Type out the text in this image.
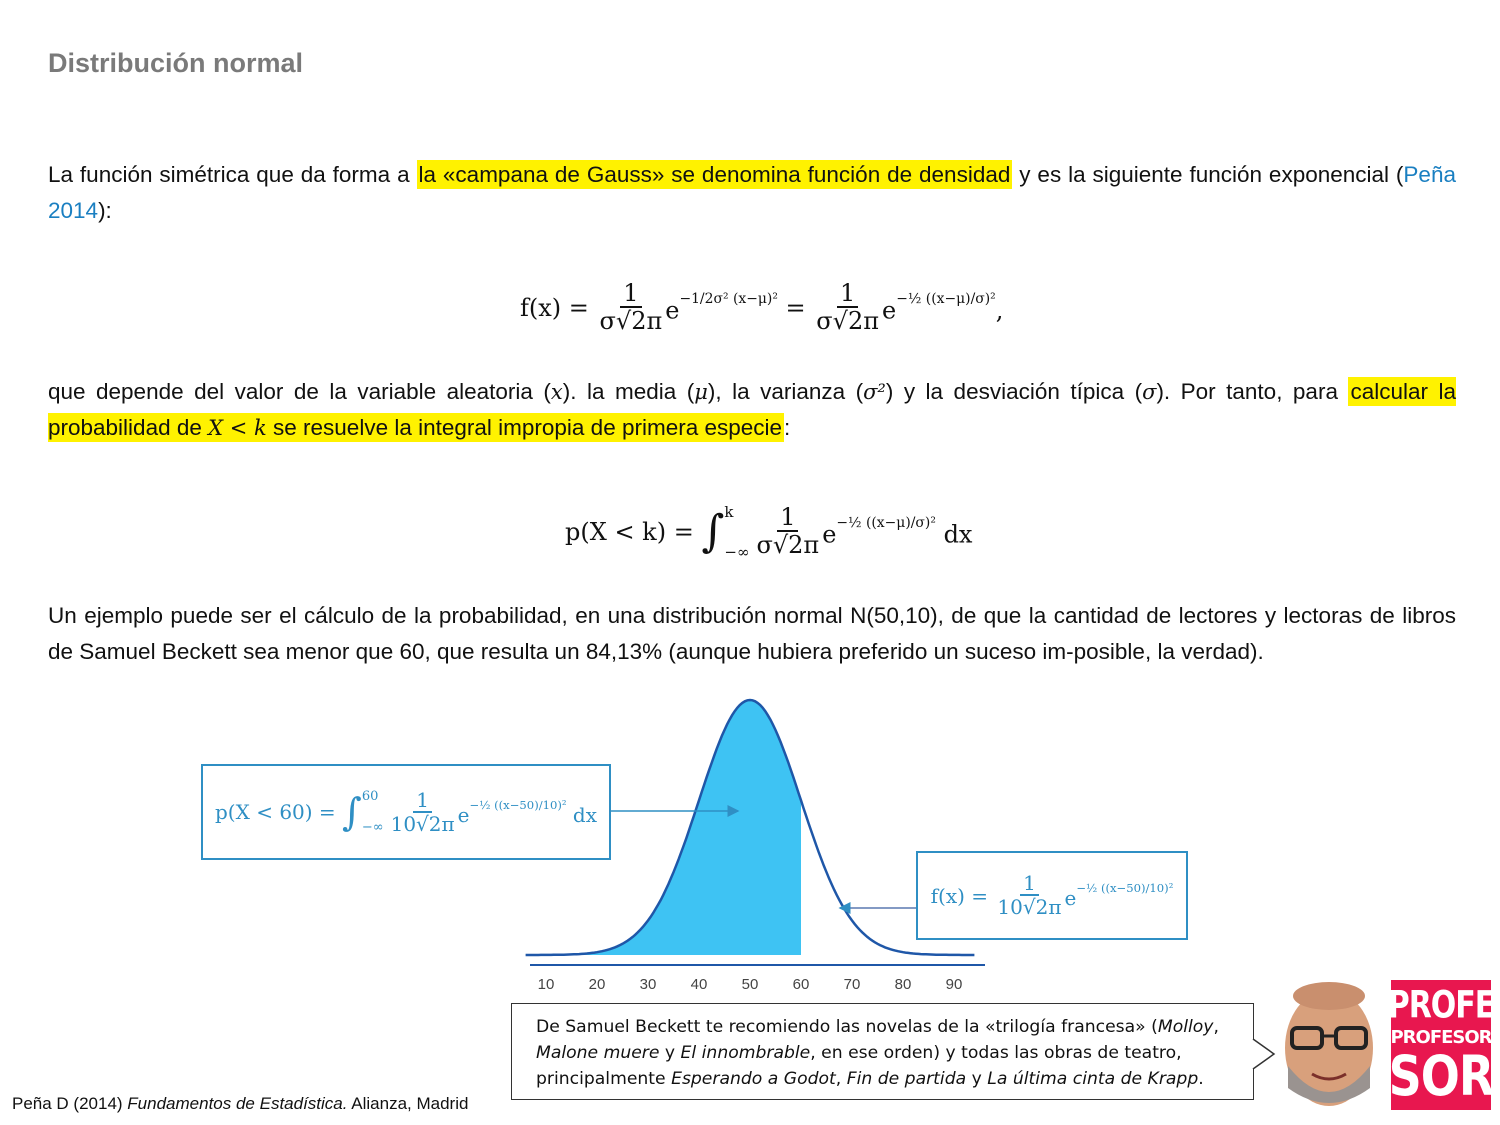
Distribución normal
La función simétrica que da forma a la «campana de Gauss» se denomina función de densidad y es la siguiente función exponencial (Peña 2014):
$f(x) = \frac{1}{\sigma√2\pi} e^{-1/2\sigma^2 (x-\mu)^2} = \frac{1}{\sigma√2\pi} e^{-\frac{1}{2} ((x-\mu)/\sigma)^2}$,
que depende del valor de la variable aleatoria (x). la media (μ), la varianza (σ²) y la desviación típica (σ). Por tanto, para calcular la probabilidad de X < k se resuelve la integral impropia de primera especie:
p(X < k) = ∫ k
−∞ $\frac{1}{\sigma√2\pi} e^{-\frac{1}{2} ((x-\mu)/\sigma)^2}$ dx
Un ejemplo puede ser el cálculo de la probabilidad, en una distribución normal N(50,10), de que la cantidad de lectores y lectoras de libros de Samuel Beckett sea menor que 60, que resulta un 84,13% (aunque hubiera preferido un suceso im-posible, la verdad).
10 20 30 40 50 60 70 80 90
p(X < 60) = ∫ 60
−∞ $\frac{1}{10√2\pi} e^{-\frac{1}{2} ((x-50)/10)^2}$ dx
$f(x) = \frac{1}{10√2\pi} e^{-\frac{1}{2} ((x-50)/10)^2}$
De Samuel Beckett te recomiendo las novelas de la «trilogía francesa» (Molloy, Malone muere y El innombrable, en ese orden) y todas las obras de teatro, principalmente Esperando a Godot, Fin de partida y La última cinta de Krapp.
PROFE
PROFESOR
SOR
Peña D (2014) Fundamentos de Estadística. Alianza, Madrid
